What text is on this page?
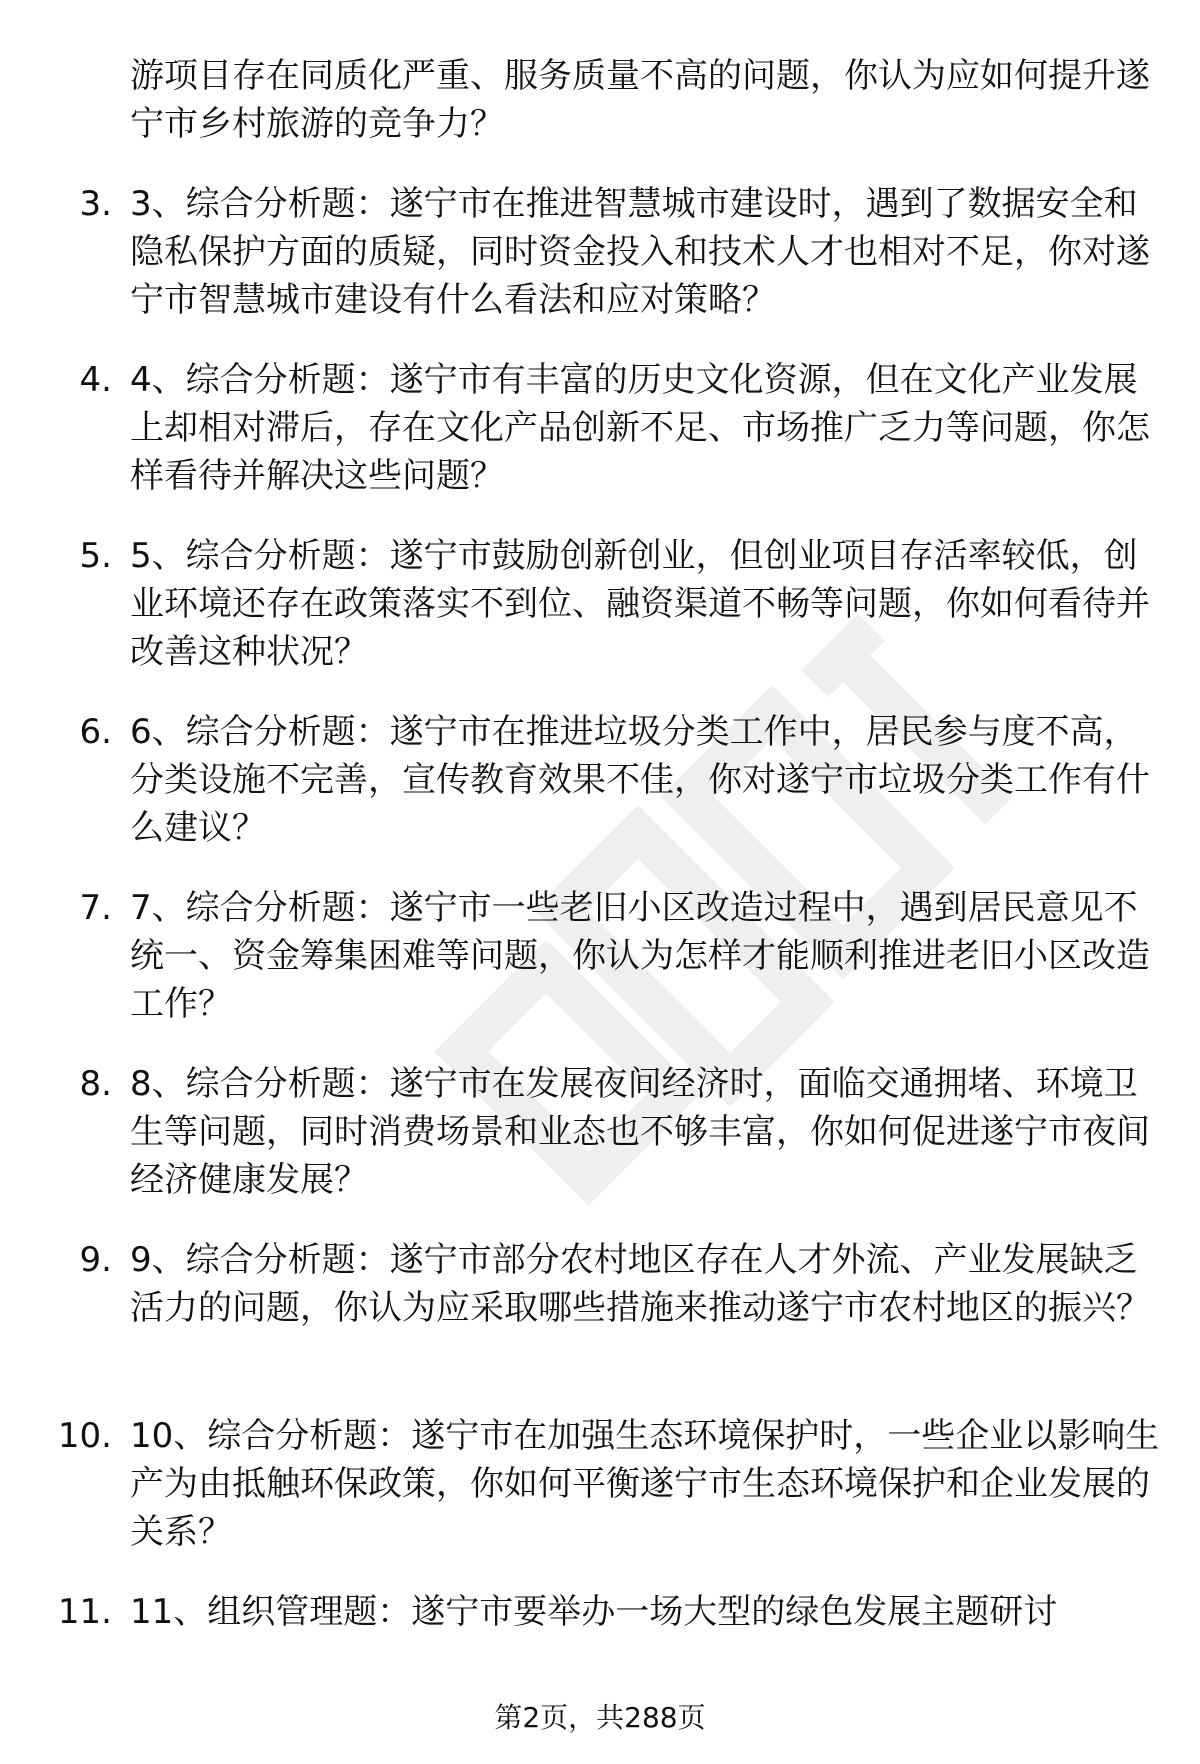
游项目存在同质化严重、服务质量不高的问题，你认为应如何提升遂宁市乡村旅游的竞争力？
3. 3、综合分析题：遂宁市在推进智慧城市建设时，遇到了数据安全和隐私保护方面的质疑，同时资金投入和技术人才也相对不足，你对遂宁市智慧城市建设有什么看法和应对策略？
4. 4、综合分析题：遂宁市有丰富的历史文化资源，但在文化产业发展上却相对滞后，存在文化产品创新不足、市场推广乏力等问题，你怎样看待并解决这些问题？
5. 5、综合分析题：遂宁市鼓励创新创业，但创业项目存活率较低，创业环境还存在政策落实不到位、融资渠道不畅等问题，你如何看待并改善这种状况？
6. 6、综合分析题：遂宁市在推进垃圾分类工作中，居民参与度不高，分类设施不完善，宣传教育效果不佳，你对遂宁市垃圾分类工作有什么建议？
7. 7、综合分析题：遂宁市一些老旧小区改造过程中，遇到居民意见不统一、资金筹集困难等问题，你认为怎样才能顺利推进老旧小区改造工作？
8. 8、综合分析题：遂宁市在发展夜间经济时，面临交通拥堵、环境卫生等问题，同时消费场景和业态也不够丰富，你如何促进遂宁市夜间经济健康发展？
9. 9、综合分析题：遂宁市部分农村地区存在人才外流、产业发展缺乏活力的问题，你认为应采取哪些措施来推动遂宁市农村地区的振兴？
10. 10、综合分析题：遂宁市在加强生态环境保护时，一些企业以影响生产为由抵触环保政策，你如何平衡遂宁市生态环境保护和企业发展的关系？
11. 11、组织管理题：遂宁市要举办一场大型的绿色发展主题研讨
第2页，共288页
